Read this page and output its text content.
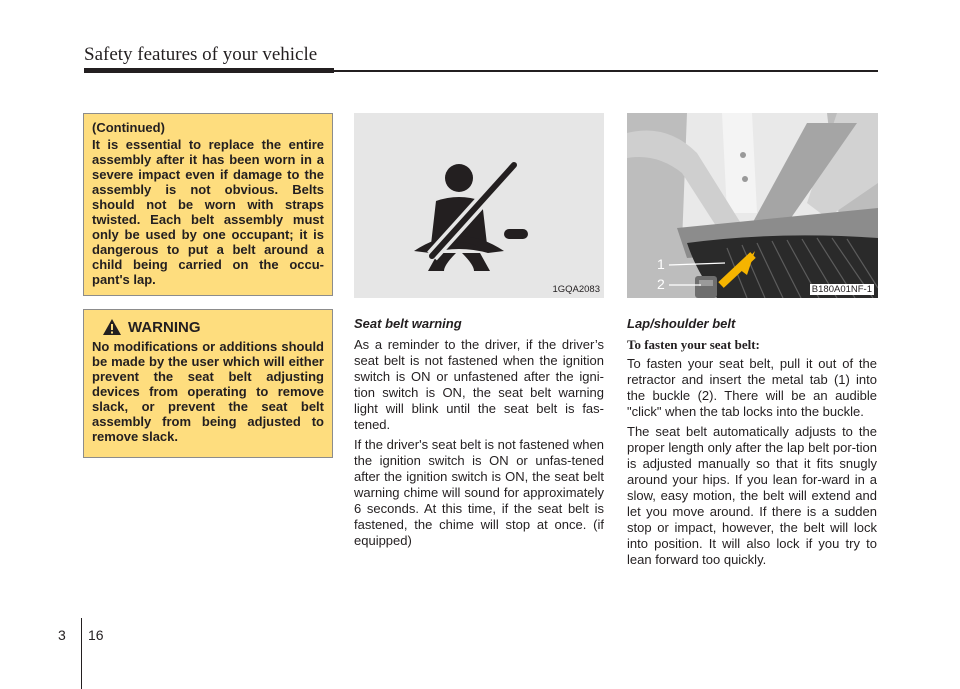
Safety features of your vehicle

(Continued)

It is essential to replace the entire assembly after it has been worn in a severe impact even if damage to the assembly is not obvious. Belts should not be worn with straps twisted. Each belt assembly must only be used by one occupant; it is dangerous to put a belt around a child being carried on the occu-pant's lap.

WARNING

No modifications or additions should be made by the user which will either prevent the seat belt adjusting devices from operating to remove slack, or prevent the seat belt assembly from being adjusted to remove slack.

1GQA2083
1
2	B180A01NF-1

Seat belt warning

As a reminder to the driver, if the driver’s seat belt is not fastened when the ignition switch is ON or unfastened after the igni-tion switch is ON, the seat belt warning light will blink until the seat belt is fas-tened.

If the driver's seat belt is not fastened when the ignition switch is ON or unfas-tened after the ignition switch is ON, the seat belt warning chime will sound for approximately 6 seconds. At this time, if the seat belt is fastened, the chime will stop at once. (if equipped)

Lap/shoulder belt

To fasten your seat belt:

To fasten your seat belt, pull it out of the retractor and insert the metal tab (1) into the buckle (2). There will be an audible "click" when the tab locks into the buckle.

The seat belt automatically adjusts to the proper length only after the lap belt por-tion is adjusted manually so that it fits snugly around your hips. If you lean for-ward in a slow, easy motion, the belt will extend and let you move around. If there is a sudden stop or impact, however, the belt will lock into position. It will also lock if you try to lean forward too quickly.

3 16
